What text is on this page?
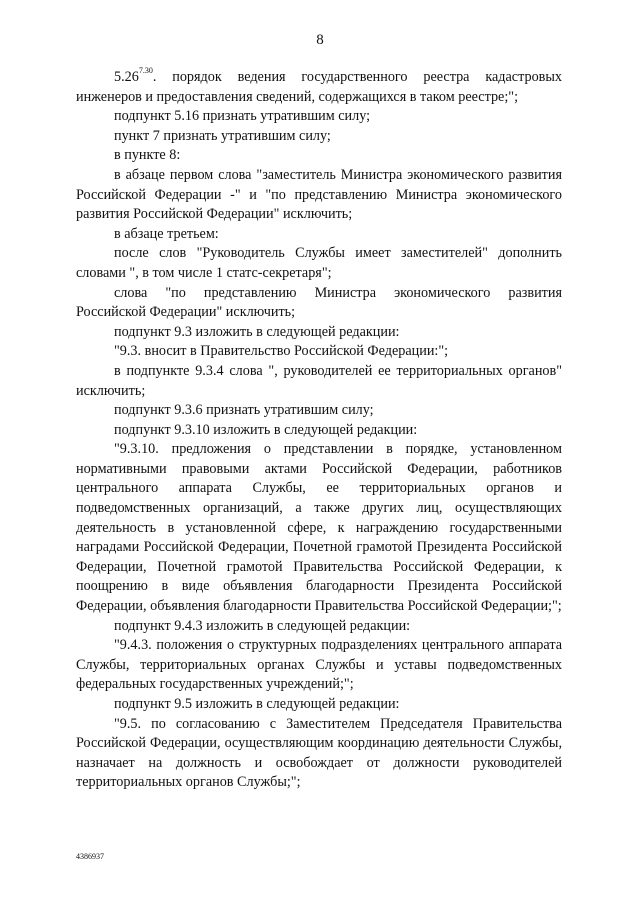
8

$5.26^{7.30}$. порядок ведения государственного реестра кадастровых инженеров и предоставления сведений, содержащихся в таком реестре;";

подпункт 5.16 признать утратившим силу;

пункт 7 признать утратившим силу;

в пункте 8:

в абзаце первом слова "заместитель Министра экономического развития Российской Федерации -" и "по представлению Министра экономического развития Российской Федерации" исключить;

в абзаце третьем:

после слов "Руководитель Службы имеет заместителей" дополнить словами ", в том числе 1 статс-секретаря";

слова "по представлению Министра экономического развития Российской Федерации" исключить;

подпункт 9.3 изложить в следующей редакции:

"9.3. вносит в Правительство Российской Федерации:";

в подпункте 9.3.4 слова ", руководителей ее территориальных органов" исключить;

подпункт 9.3.6 признать утратившим силу;

подпункт 9.3.10 изложить в следующей редакции:

"9.3.10. предложения о представлении в порядке, установленном нормативными правовыми актами Российской Федерации, работников центрального аппарата Службы, ее территориальных органов и подведомственных организаций, а также других лиц, осуществляющих деятельность в установленной сфере, к награждению государственными наградами Российской Федерации, Почетной грамотой Президента Российской Федерации, Почетной грамотой Правительства Российской Федерации, к поощрению в виде объявления благодарности Президента Российской Федерации, объявления благодарности Правительства Российской Федерации;";

подпункт 9.4.3 изложить в следующей редакции:

"9.4.3. положения о структурных подразделениях центрального аппарата Службы, территориальных органах Службы и уставы подведомственных федеральных государственных учреждений;";

подпункт 9.5 изложить в следующей редакции:

"9.5. по согласованию с Заместителем Председателя Правительства Российской Федерации, осуществляющим координацию деятельности Службы, назначает на должность и освобождает от должности руководителей территориальных органов Службы;";

4386937
